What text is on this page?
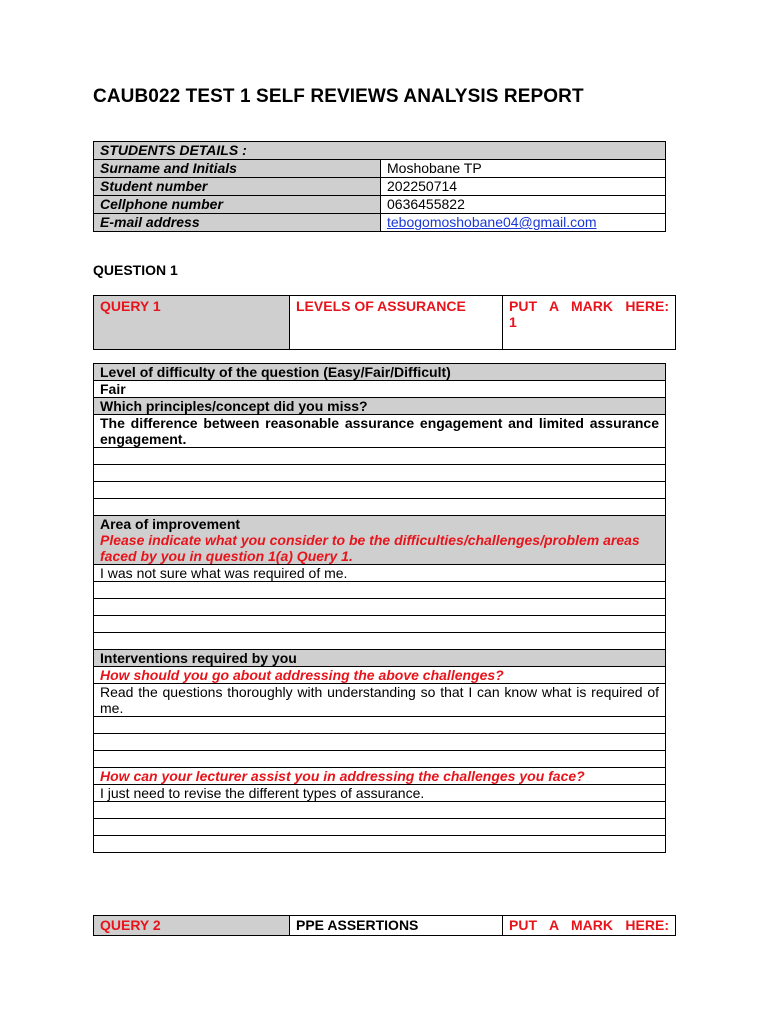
CAUB022 TEST 1 SELF REVIEWS ANALYSIS REPORT
STUDENTS DETAILS :	
Surname and Initials	Moshobane TP
Student number	202250714
Cellphone number	0636455822
E-mail address	tebogomoshobane04@gmail.com
QUESTION 1
QUERY 1	LEVELS OF ASSURANCE	PUT A MARK HERE:
1
Level of difficulty of the question (Easy/Fair/Difficult)
Fair
Which principles/concept did you miss?
The difference between reasonable assurance engagement and limited assurance engagement.

Area of improvement
Please indicate what you consider to be the difficulties/challenges/problem areas faced by you in question 1(a) Query 1.

I was not sure what was required of me.

Interventions required by you
How should you go about addressing the above challenges?
Read the questions thoroughly with understanding so that I can know what is required of me.

How can your lecturer assist you in addressing the challenges you face?
I just need to revise the different types of assurance.

QUERY 2	PPE ASSERTIONS	PUT A MARK HERE:
